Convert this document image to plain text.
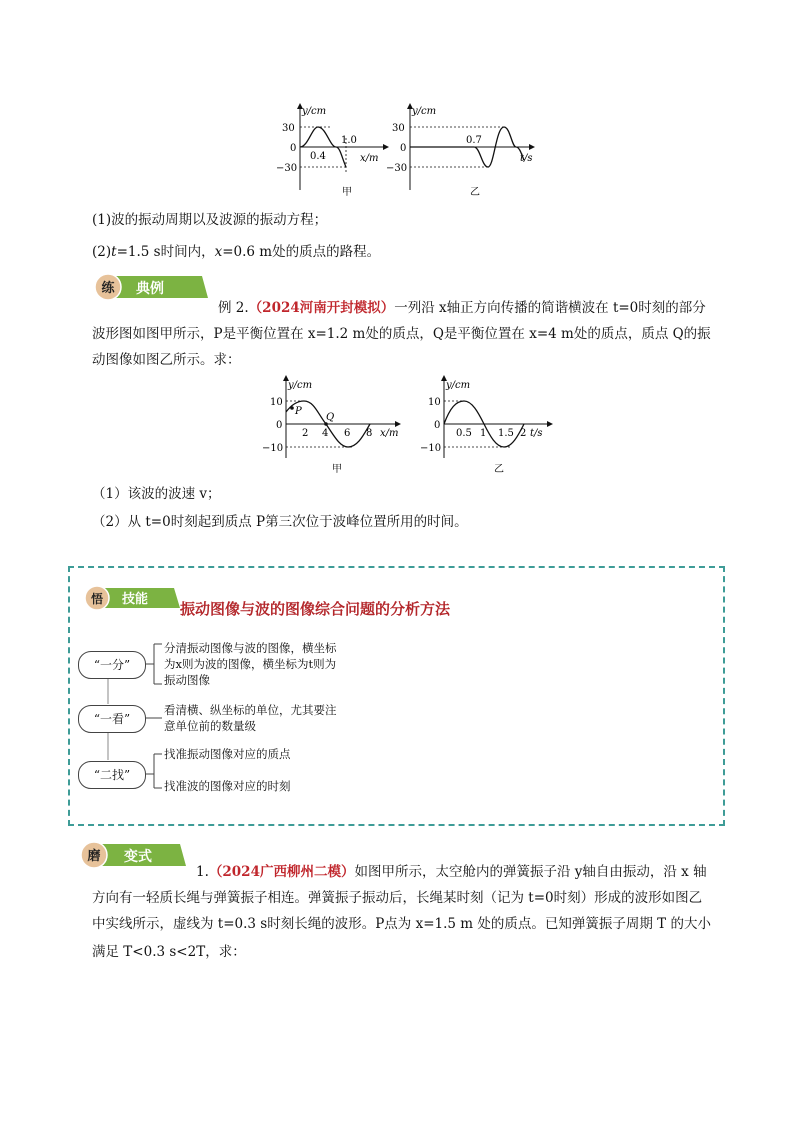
y/cm
30
0
−30
0.4
1.0
x/m
甲
y/cm
30
0
−30
0.7
t/s
乙
(1)波的振动周期以及波源的振动方程；
(2)t=1.5 s时间内，x=0.6 m处的质点的路程。
练 典例
例 2.（2024河南开封模拟）一列沿 x轴正方向传播的简谐横波在 t=0时刻的部分
波形图如图甲所示，P是平衡位置在 x=1.2 m处的质点，Q是平衡位置在 x=4 m处的质点，质点 Q的振
动图像如图乙所示。求：
y/cm
10
0
−10
P
Q
2 4 6 8 x/m
甲
y/cm
10
0
−10
0.5 1 1.5 2 t/s
乙
（1）该波的波速 v；
（2）从 t=0时刻起到质点 P第三次位于波峰位置所用的时间。
悟 技能
振动图像与波的图像综合问题的分析方法
“一分”
“一看”
“二找”
分清振动图像与波的图像，横坐标
为x则为波的图像，横坐标为t则为
振动图像
看清横、纵坐标的单位，尤其要注
意单位前的数量级
找准振动图像对应的质点
找准波的图像对应的时刻
磨 变式
1.（2024广西柳州二模）如图甲所示，太空舱内的弹簧振子沿 y轴自由振动，沿 x 轴
方向有一轻质长绳与弹簧振子相连。弹簧振子振动后，长绳某时刻（记为 t=0时刻）形成的波形如图乙
中实线所示，虚线为 t=0.3 s时刻长绳的波形。P点为 x=1.5 m 处的质点。已知弹簧振子周期 T 的大小
满足 T<0.3 s<2T，求：
